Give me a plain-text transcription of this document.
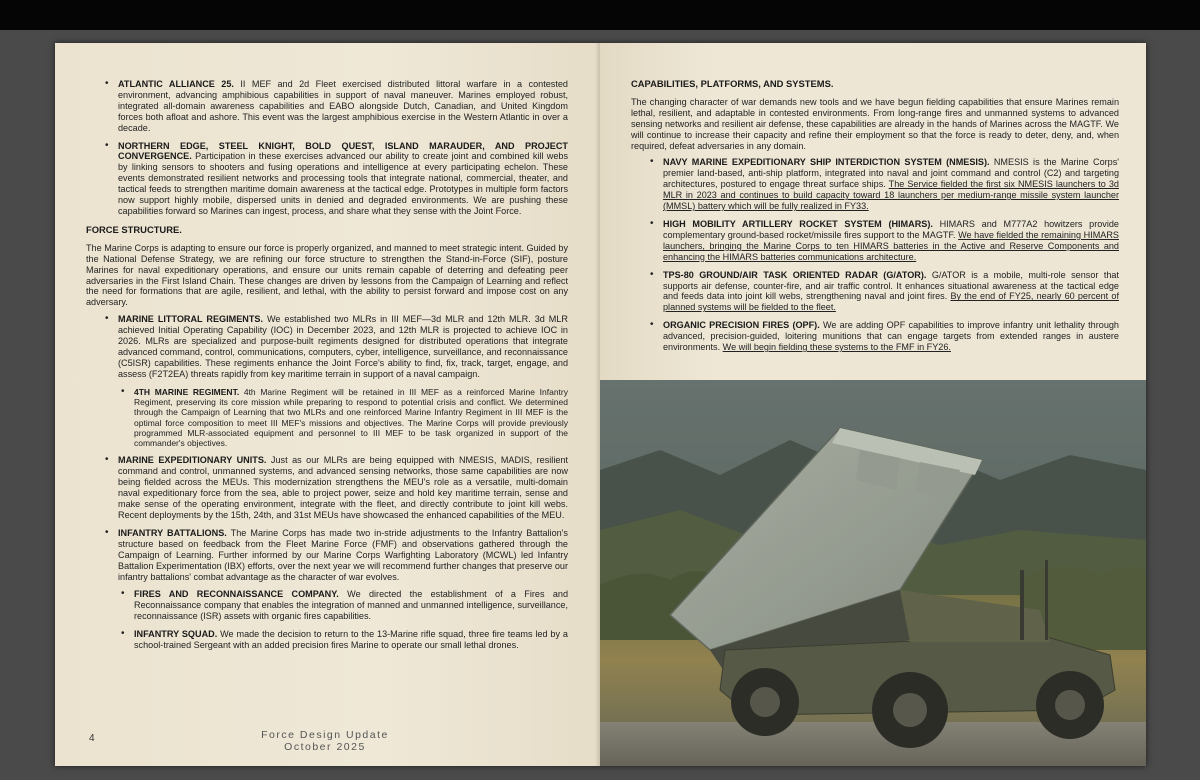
• ATLANTIC ALLIANCE 25. II MEF and 2d Fleet exercised distributed littoral warfare in a contested environment, advancing amphibious capabilities in support of naval maneuver. Marines employed robust, integrated all-domain awareness capabilities and EABO alongside Dutch, Canadian, and United Kingdom forces both afloat and ashore. This event was the largest amphibious exercise in the Western Atlantic in over a decade.
• NORTHERN EDGE, STEEL KNIGHT, BOLD QUEST, ISLAND MARAUDER, AND PROJECT CONVERGENCE. Participation in these exercises advanced our ability to create joint and combined kill webs by linking sensors to shooters and fusing operations and intelligence at every participating echelon. These events demonstrated resilient networks and processing tools that integrate national, commercial, theater, and tactical feeds to strengthen maritime domain awareness at the tactical edge. Prototypes in multiple form factors now support highly mobile, dispersed units in denied and degraded environments. We are pushing these capabilities forward so Marines can ingest, process, and share what they sense with the Joint Force.
FORCE STRUCTURE.
The Marine Corps is adapting to ensure our force is properly organized, and manned to meet strategic intent. Guided by the National Defense Strategy, we are refining our force structure to strengthen the Stand-in-Force (SIF), posture Marines for naval expeditionary operations, and ensure our units remain capable of deterring and defeating peer adversaries in the First Island Chain. These changes are driven by lessons from the Campaign of Learning and reflect the need for formations that are agile, resilient, and lethal, with the ability to persist forward and impose cost on any adversary.
• MARINE LITTORAL REGIMENTS. We established two MLRs in III MEF—3d MLR and 12th MLR. 3d MLR achieved Initial Operating Capability (IOC) in December 2023, and 12th MLR is projected to achieve IOC in 2026. MLRs are specialized and purpose-built regiments designed for distributed operations that integrate advanced command, control, communications, computers, cyber, intelligence, surveillance, and reconnaissance (C5ISR) capabilities. These regiments enhance the Joint Force's ability to find, fix, track, target, engage, and assess (F2T2EA) threats rapidly from key maritime terrain in support of a naval campaign.
• 4TH MARINE REGIMENT. 4th Marine Regiment will be retained in III MEF as a reinforced Marine Infantry Regiment, preserving its core mission while preparing to respond to potential crisis and conflict. We determined through the Campaign of Learning that two MLRs and one reinforced Marine Infantry Regiment in III MEF is the optimal force composition to meet III MEF's missions and objectives. The Marine Corps will provide previously programmed MLR-associated equipment and personnel to III MEF to be task organized in support of the commander's objectives.
• MARINE EXPEDITIONARY UNITS. Just as our MLRs are being equipped with NMESIS, MADIS, resilient command and control, unmanned systems, and advanced sensing networks, those same capabilities are now being fielded across the MEUs. This modernization strengthens the MEU's role as a versatile, multi-domain naval expeditionary force from the sea, able to project power, seize and hold key maritime terrain, sense and make sense of the operating environment, integrate with the fleet, and directly contribute to joint kill webs. Recent deployments by the 15th, 24th, and 31st MEUs have showcased the enhanced capabilities of the MEU.
• INFANTRY BATTALIONS. The Marine Corps has made two in-stride adjustments to the Infantry Battalion's structure based on feedback from the Fleet Marine Force (FMF) and observations gathered through the Campaign of Learning. Further informed by our Marine Corps Warfighting Laboratory (MCWL) led Infantry Battalion Experimentation (IBX) efforts, over the next year we will recommend further changes that preserve our infantry battalions' combat advantage as the character of war evolves.
• FIRES AND RECONNAISSANCE COMPANY. We directed the establishment of a Fires and Reconnaissance company that enables the integration of manned and unmanned intelligence, surveillance, reconnaissance (ISR) assets with organic fires capabilities.
• INFANTRY SQUAD. We made the decision to return to the 13-Marine rifle squad, three fire teams led by a school-trained Sergeant with an added precision fires Marine to operate our small lethal drones.
4	Force Design Update
October 2025
CAPABILITIES, PLATFORMS, AND SYSTEMS.
The changing character of war demands new tools and we have begun fielding capabilities that ensure Marines remain lethal, resilient, and adaptable in contested environments. From long-range fires and unmanned systems to advanced sensing networks and resilient air defense, these capabilities are already in the hands of Marines across the MAGTF. We will continue to increase their capacity and refine their employment so that the force is ready to deter, deny, and, when required, defeat adversaries in any domain.
• NAVY MARINE EXPEDITIONARY SHIP INTERDICTION SYSTEM (NMESIS). NMESIS is the Marine Corps' premier land-based, anti-ship platform, integrated into naval and joint command and control (C2) and targeting architectures, postured to engage threat surface ships. The Service fielded the first six NMESIS launchers to 3d MLR in 2023 and continues to build capacity toward 18 launchers per medium-range missile system launcher (MMSL) battery which will be fully realized in FY33.
• HIGH MOBILITY ARTILLERY ROCKET SYSTEM (HIMARS). HIMARS and M777A2 howitzers provide complementary ground-based rocket/missile fires support to the MAGTF. We have fielded the remaining HIMARS launchers, bringing the Marine Corps to ten HIMARS batteries in the Active and Reserve Components and enhancing the HIMARS batteries communications architecture.
• TPS-80 GROUND/AIR TASK ORIENTED RADAR (G/ATOR). G/ATOR is a mobile, multi-role sensor that supports air defense, counter-fire, and air traffic control. It enhances situational awareness at the tactical edge and feeds data into joint kill webs, strengthening naval and joint fires. By the end of FY25, nearly 60 percent of planned systems will be fielded to the fleet.
• ORGANIC PRECISION FIRES (OPF). We are adding OPF capabilities to improve infantry unit lethality through advanced, precision-guided, loitering munitions that can engage targets from extended ranges in austere environments. We will begin fielding these systems to the FMF in FY26.
